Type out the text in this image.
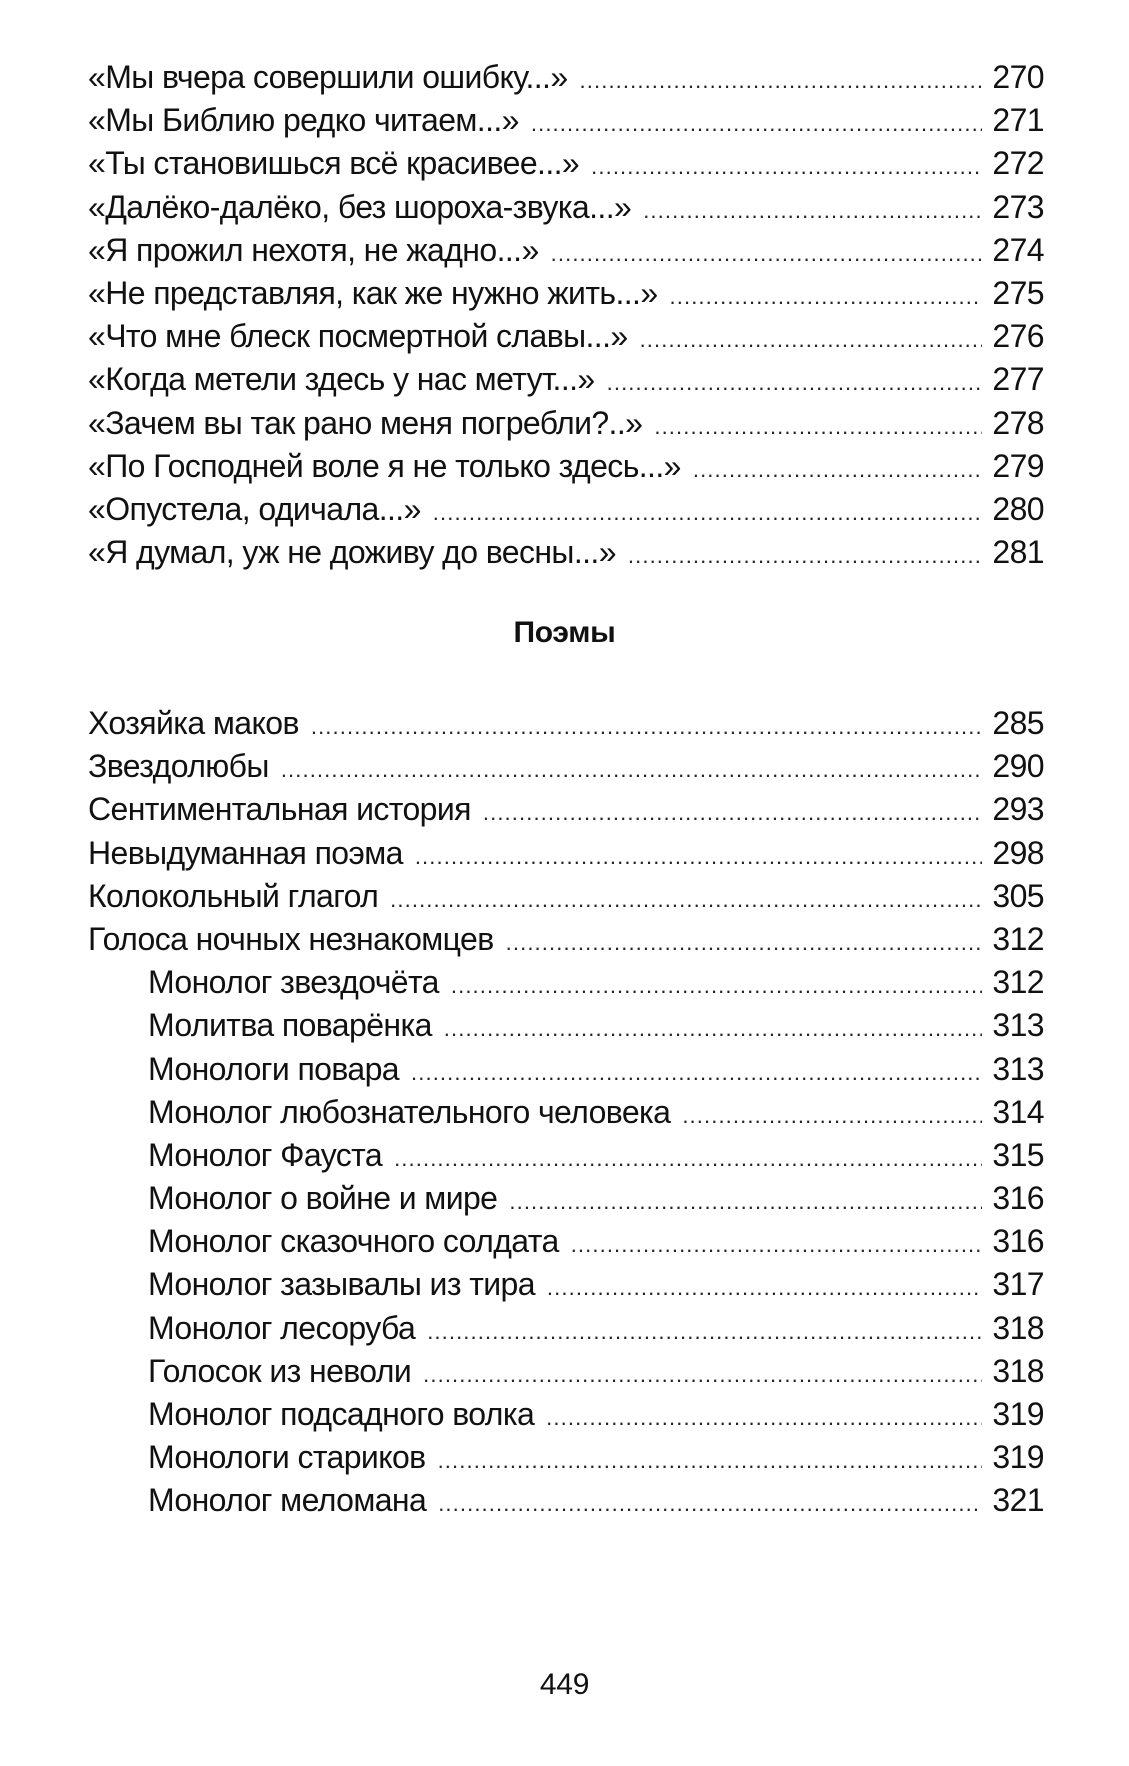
«Мы вчера совершили ошибку...» . . .	270
«Мы Библию редко читаем...» . . .	271
«Ты становишься всё красивее...» . . .	272
«Далёко-далёко, без шороха-звука...» . . .	273
«Я прожил нехотя, не жадно...» . . .	274
«Не представляя, как же нужно жить...» . . .	275
«Что мне блеск посмертной славы...» . . .	276
«Когда метели здесь у нас метут...» . . .	277
«Зачем вы так рано меня погребли?..» . . .	278
«По Господней воле я не только здесь...» . . .	279
«Опустела, одичала...» . . .	280
«Я думал, уж не доживу до весны...» . . .	281
Поэмы
Хозяйка маков . . .	285
Звездолюбы . . .	290
Сентиментальная история . . .	293
Невыдуманная поэма . . .	298
Колокольный глагол . . .	305
Голоса ночных незнакомцев . . .	312
Монолог звездочёта . . .	312
Молитва поварёнка . . .	313
Монологи повара . . .	313
Монолог любознательного человека . . .	314
Монолог Фауста . . .	315
Монолог о войне и мире . . .	316
Монолог сказочного солдата . . .	316
Монолог зазывалы из тира . . .	317
Монолог лесоруба . . .	318
Голосок из неволи . . .	318
Монолог подсадного волка . . .	319
Монологи стариков . . .	319
Монолог меломана . . .	321
449
